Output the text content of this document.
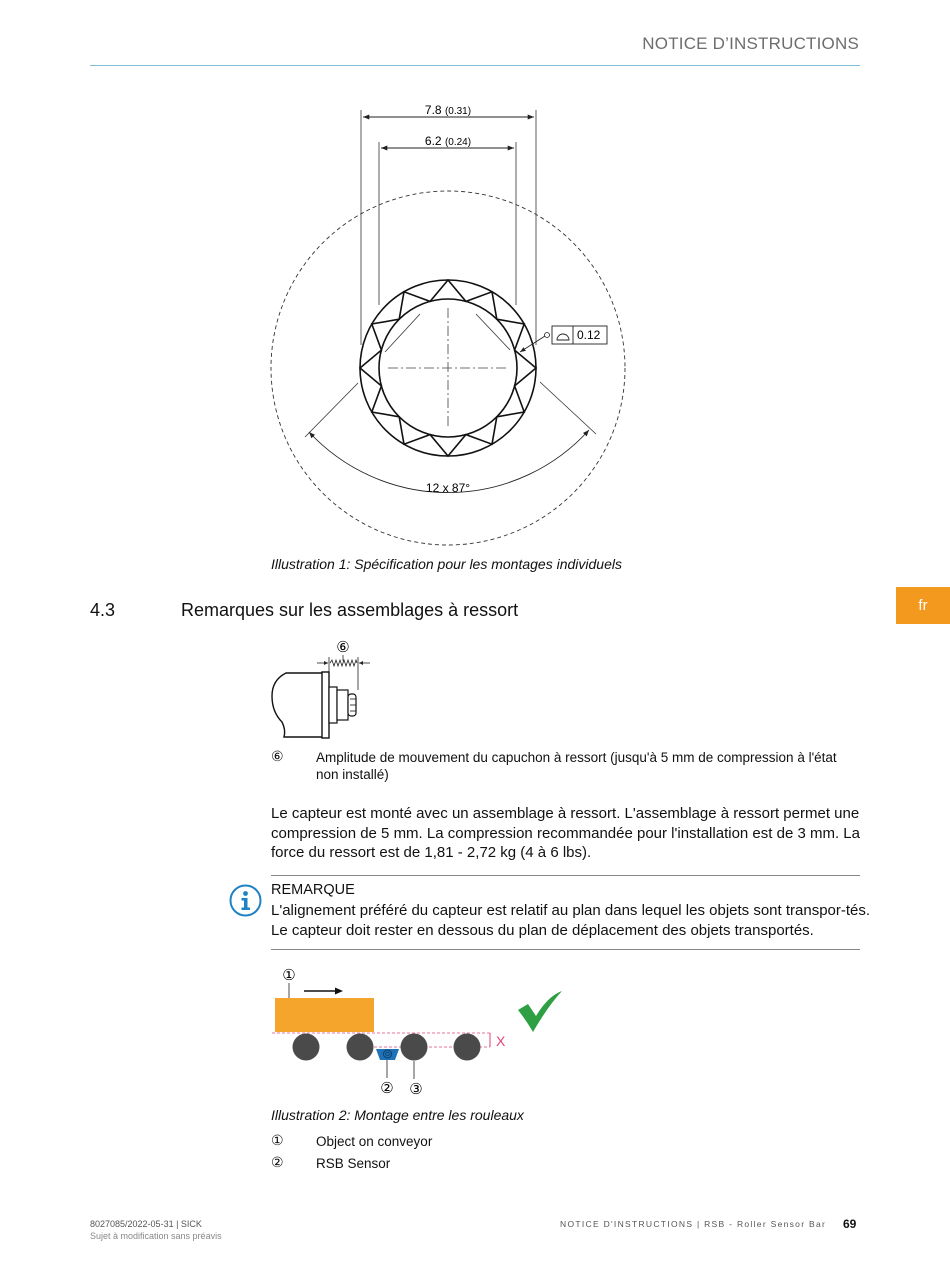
NOTICE D’INSTRUCTIONS
fr
7.8 (0.31)
6.2 (0.24)
0.12
12 x 87°
Illustration 1: Spécification pour les montages individuels
4.3	Remarques sur les assemblages à ressort
⑥
⑥ Amplitude de mouvement du capuchon à ressort (jusqu'à 5 mm de compression à l'état non installé)
Le capteur est monté avec un assemblage à ressort. L'assemblage à ressort permet une compression de 5 mm. La compression recommandée pour l'installation est de 3 mm. La force du ressort est de 1,81 - 2,72 kg (4 à 6 lbs).
REMARQUE
L'alignement préféré du capteur est relatif au plan dans lequel les objets sont transpor-tés. Le capteur doit rester en dessous du plan de déplacement des objets transportés.
①
X
② ③
Illustration 2: Montage entre les rouleaux
① Object on conveyor
② RSB Sensor
8027085/2022-05-31 | SICK
Sujet à modification sans préavis
NOTICE D'INSTRUCTIONS | RSB - Roller Sensor Bar 69
